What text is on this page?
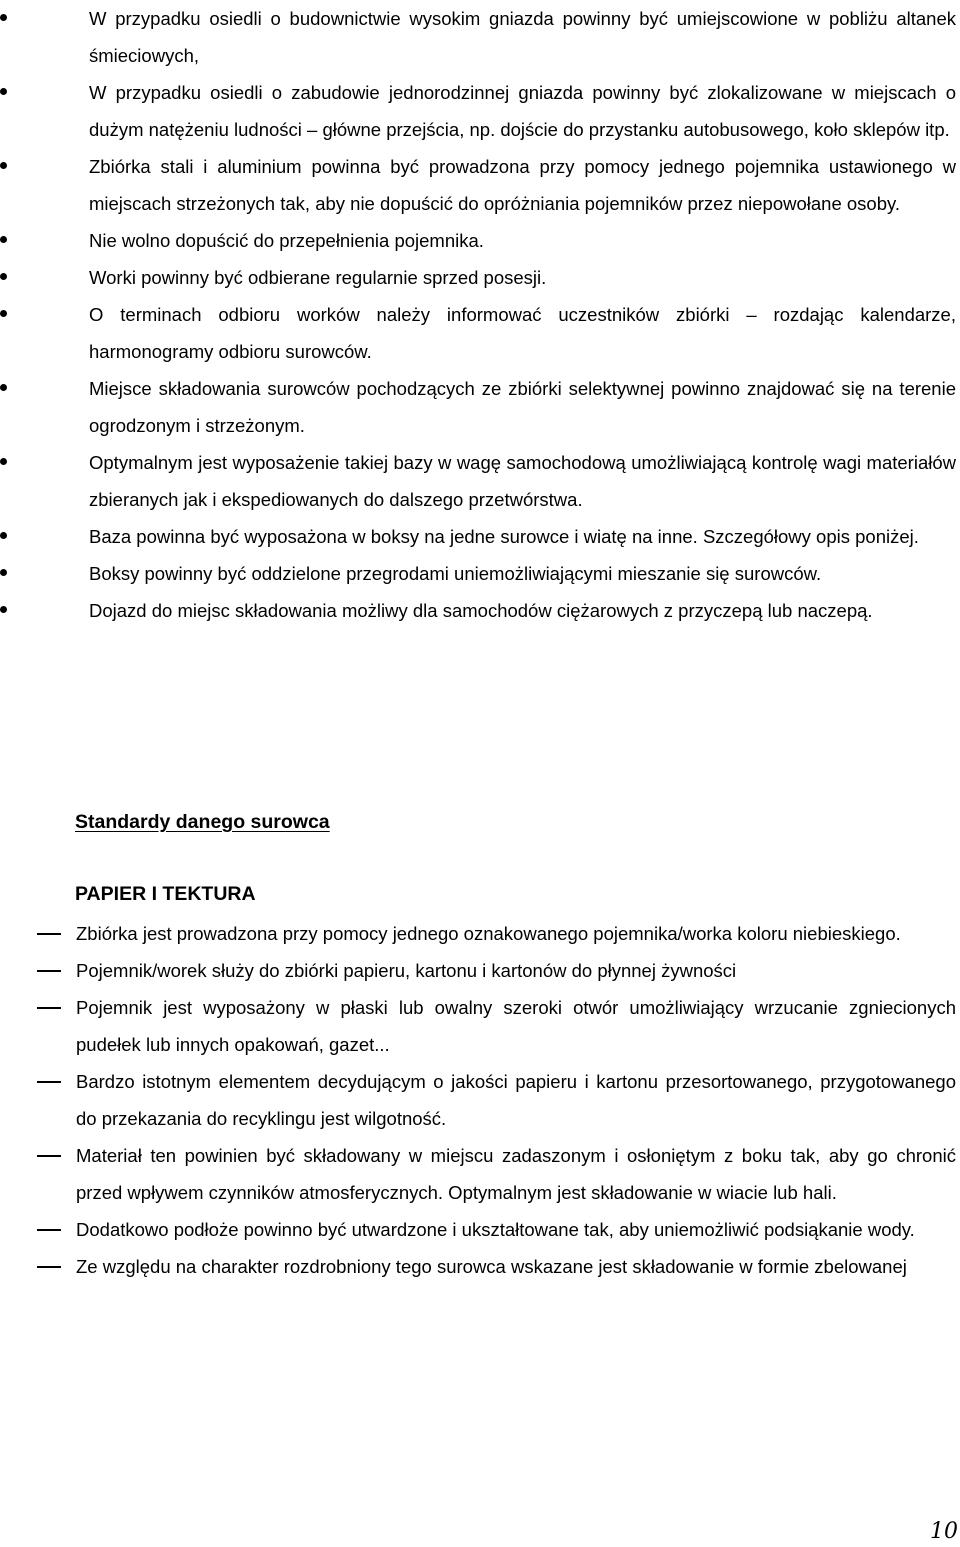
W przypadku osiedli o budownictwie wysokim gniazda powinny być umiejscowione w pobliżu altanek śmieciowych,
W przypadku osiedli o zabudowie jednorodzinnej gniazda powinny być zlokalizowane w miejscach o dużym natężeniu ludności – główne przejścia, np. dojście do przystanku autobusowego, koło sklepów itp.
Zbiórka stali i aluminium powinna być prowadzona przy pomocy jednego pojemnika ustawionego w miejscach strzeżonych tak, aby nie dopuścić do opróżniania pojemników przez niepowołane osoby.
Nie wolno dopuścić do przepełnienia pojemnika.
Worki powinny być odbierane regularnie sprzed posesji.
O terminach odbioru worków należy informować uczestników zbiórki – rozdając kalendarze, harmonogramy odbioru surowców.
Miejsce składowania surowców pochodzących ze zbiórki selektywnej powinno znajdować się na terenie ogrodzonym i strzeżonym.
Optymalnym jest wyposażenie takiej bazy w wagę samochodową umożliwiającą kontrolę wagi materiałów zbieranych jak i ekspediowanych do dalszego przetwórstwa.
Baza powinna być wyposażona w boksy na jedne surowce i wiatę na inne. Szczegółowy opis poniżej.
Boksy powinny być oddzielone przegrodami uniemożliwiającymi mieszanie się surowców.
Dojazd do miejsc składowania możliwy dla samochodów ciężarowych z przyczepą lub naczepą.
Standardy danego surowca
PAPIER I TEKTURA
Zbiórka jest prowadzona przy pomocy jednego oznakowanego pojemnika/worka koloru niebieskiego.
Pojemnik/worek służy do zbiórki papieru, kartonu i kartonów do płynnej żywności
Pojemnik jest wyposażony w płaski lub owalny szeroki otwór umożliwiający wrzucanie zgniecionych pudełek lub innych opakowań, gazet...
Bardzo istotnym elementem decydującym o jakości papieru i kartonu przesortowanego, przygotowanego do przekazania do recyklingu jest wilgotność.
Materiał ten powinien być składowany w miejscu zadaszonym i osłoniętym z boku tak, aby go chronić przed wpływem czynników atmosferycznych. Optymalnym jest składowanie w wiacie lub hali.
Dodatkowo podłoże powinno być utwardzone i ukształtowane tak, aby uniemożliwić podsiąkanie wody.
Ze względu na charakter rozdrobniony tego surowca wskazane jest składowanie w formie zbelowanej

10
